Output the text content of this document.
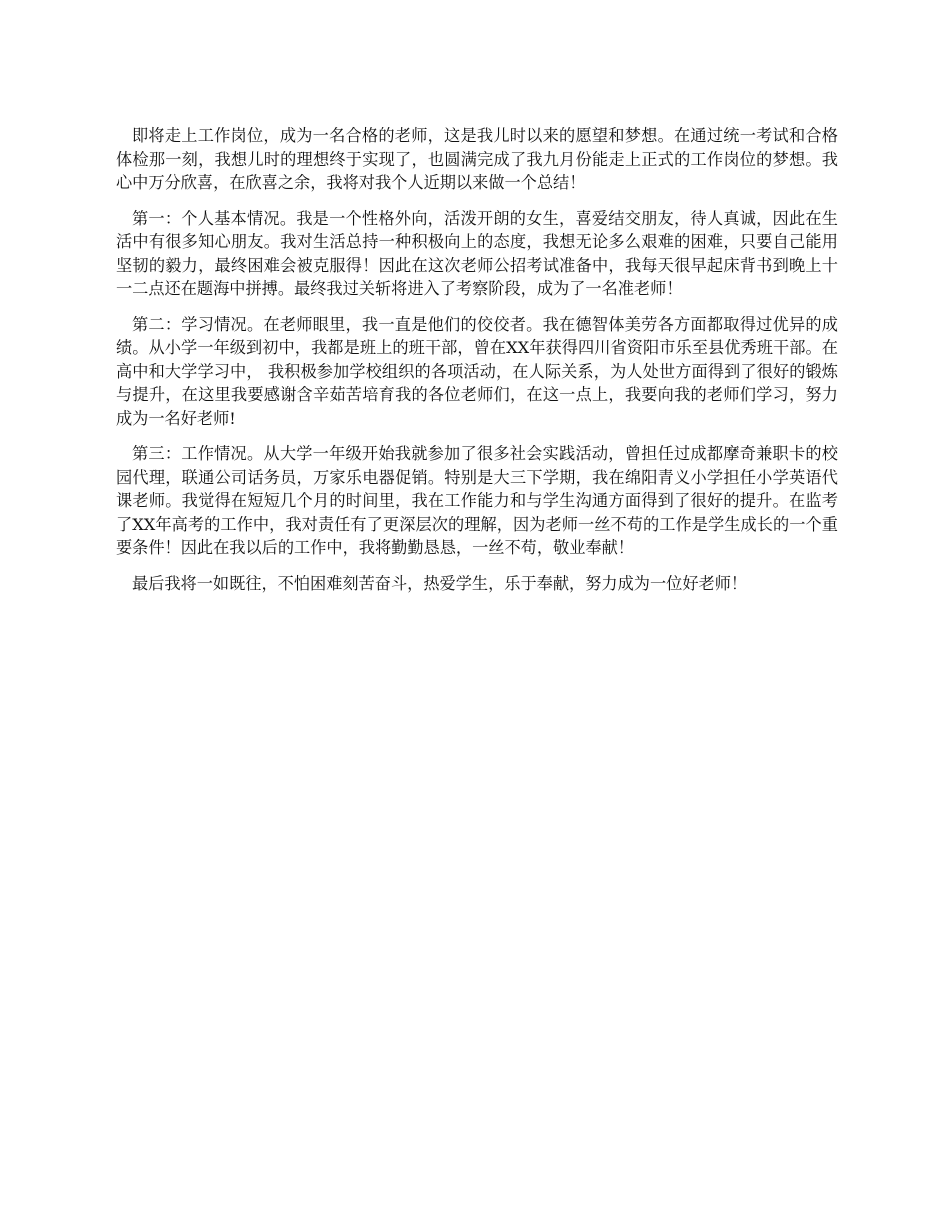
即将走上工作岗位，成为一名合格的老师，这是我儿时以来的愿望和梦想。在通过统一考试和合格体检那一刻，我想儿时的理想终于实现了，也圆满完成了我九月份能走上正式的工作岗位的梦想。我心中万分欣喜，在欣喜之余，我将对我个人近期以来做一个总结！

第一：个人基本情况。我是一个性格外向，活泼开朗的女生，喜爱结交朋友，待人真诚，因此在生活中有很多知心朋友。我对生活总持一种积极向上的态度，我想无论多么艰难的困难，只要自己能用坚韧的毅力，最终困难会被克服得！因此在这次老师公招考试准备中，我每天很早起床背书到晚上十一二点还在题海中拼搏。最终我过关斩将进入了考察阶段，成为了一名准老师！

第二：学习情况。在老师眼里，我一直是他们的佼佼者。我在德智体美劳各方面都取得过优异的成绩。从小学一年级到初中，我都是班上的班干部，曾在XX年获得四川省资阳市乐至县优秀班干部。在高中和大学学习中， 我积极参加学校组织的各项活动，在人际关系，为人处世方面得到了很好的锻炼与提升，在这里我要感谢含辛茹苦培育我的各位老师们，在这一点上，我要向我的老师们学习，努力成为一名好老师!

第三：工作情况。从大学一年级开始我就参加了很多社会实践活动，曾担任过成都摩奇兼职卡的校园代理，联通公司话务员，万家乐电器促销。特别是大三下学期，我在绵阳青义小学担任小学英语代课老师。我觉得在短短几个月的时间里，我在工作能力和与学生沟通方面得到了很好的提升。在监考了XX年高考的工作中，我对责任有了更深层次的理解，因为老师一丝不苟的工作是学生成长的一个重要条件！因此在我以后的工作中，我将勤勤恳恳，一丝不苟，敬业奉献！

最后我将一如既往，不怕困难刻苦奋斗，热爱学生，乐于奉献，努力成为一位好老师！
